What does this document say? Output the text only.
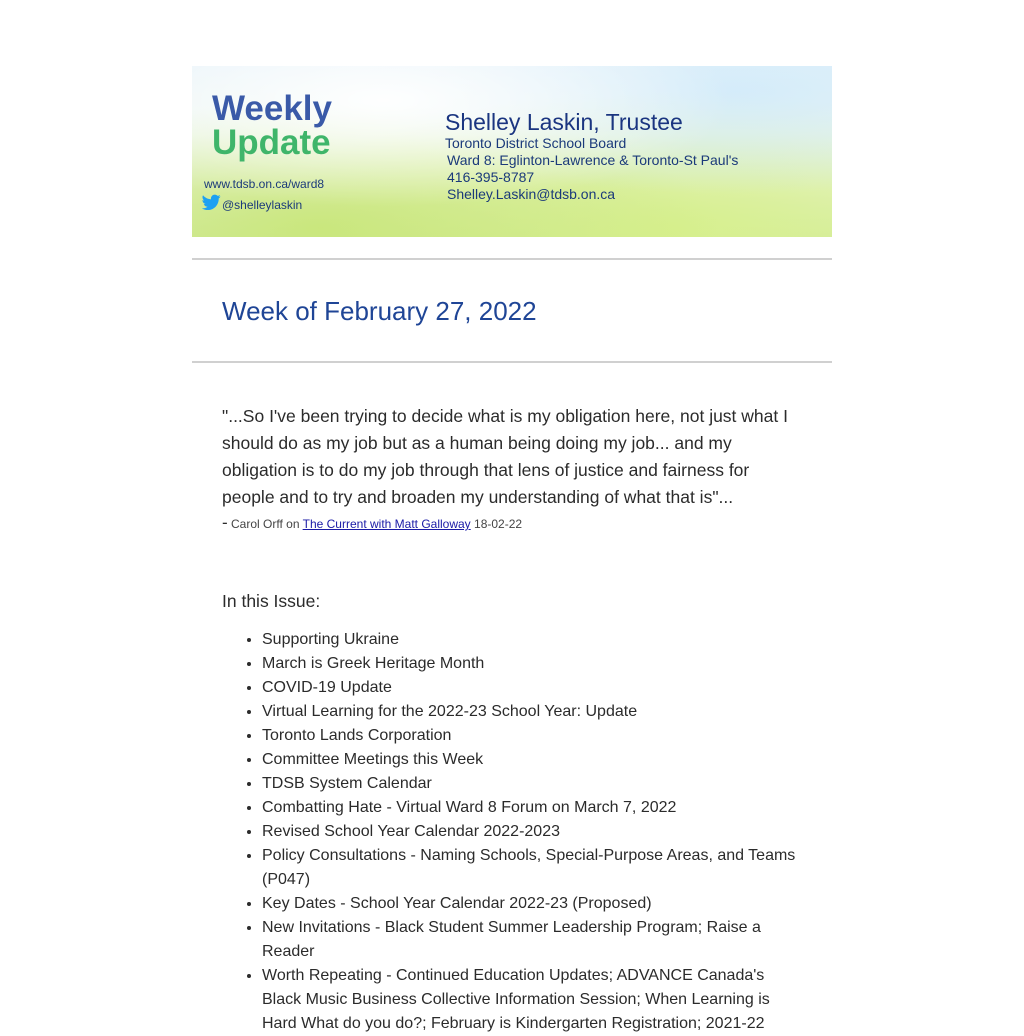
Weekly
Update
www.tdsb.on.ca/ward8
@shelleylaskin
Shelley Laskin, Trustee
Toronto District School Board
Ward 8: Eglinton-Lawrence & Toronto-St Paul's
416-395-8787
Shelley.Laskin@tdsb.on.ca
Week of February 27, 2022
"...So I've been trying to decide what is my obligation here, not just what I should do as my job but as a human being doing my job... and my obligation is to do my job through that lens of justice and fairness for people and to try and broaden my understanding of what that is"...
- Carol Orff on The Current with Matt Galloway 18-02-22
In this Issue:
• Supporting Ukraine
• March is Greek Heritage Month
• COVID-19 Update
• Virtual Learning for the 2022-23 School Year: Update
• Toronto Lands Corporation
• Committee Meetings this Week
• TDSB System Calendar
• Combatting Hate - Virtual Ward 8 Forum on March 7, 2022
• Revised School Year Calendar 2022-2023
• Policy Consultations - Naming Schools, Special-Purpose Areas, and Teams (P047)
• Key Dates - School Year Calendar 2022-23 (Proposed)
• New Invitations - Black Student Summer Leadership Program; Raise a Reader
• Worth Repeating - Continued Education Updates; ADVANCE Canada's Black Music Business Collective Information Session; When Learning is Hard What do you do?; February is Kindergarten Registration; 2021-22
